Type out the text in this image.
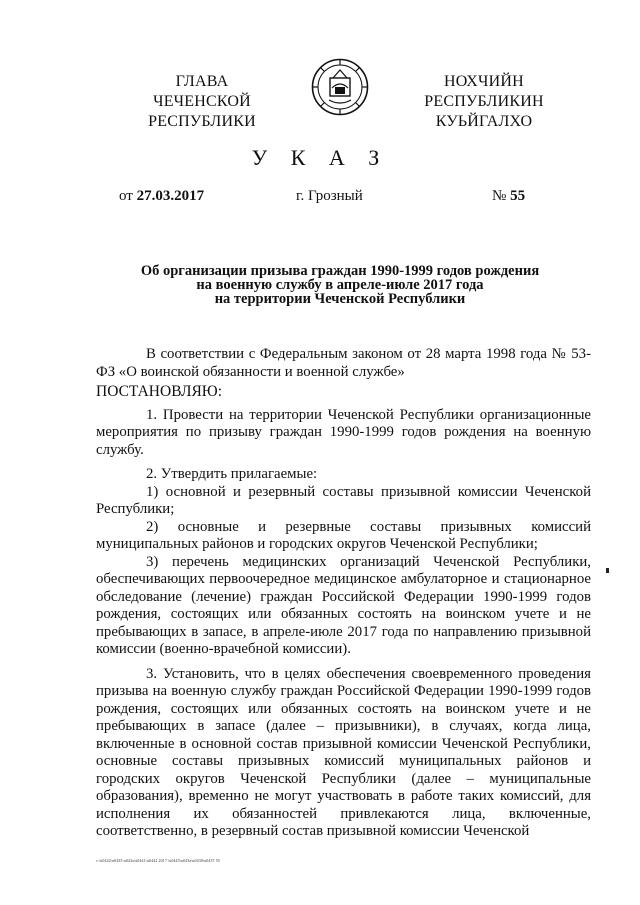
ГЛАВА
ЧЕЧЕНСКОЙ РЕСПУБЛИКИ
НОХЧИЙН РЕСПУБЛИКИН
КУЬЙГАЛХО
У К А З
от 27.03.2017	г. Грозный	№ 55
Об организации призыва граждан 1990-1999 годов рождения
на военную службу в апреле-июле 2017 года
на территории Чеченской Республики

В соответствии с Федеральным законом от 28 марта 1998 года № 53-ФЗ «О воинской обязанности и военной службе»

ПОСТАНОВЛЯЮ:

1. Провести на территории Чеченской Республики организационные мероприятия по призыву граждан 1990-1999 годов рождения на военную службу.

2. Утвердить прилагаемые:

1) основной и резервный составы призывной комиссии Чеченской Республики;

2) основные и резервные составы призывных комиссий муниципальных районов и городских округов Чеченской Республики;

3) перечень медицинских организаций Чеченской Республики, обеспечивающих первоочередное медицинское амбулаторное и стационарное обследование (лечение) граждан Российской Федерации 1990-1999 годов рождения, состоящих или обязанных состоять на воинском учете и не пребывающих в запасе, в апреле-июле 2017 года по направлению призывной комиссии (военно-врачебной комиссии).

3. Установить, что в целях обеспечения своевременного проведения призыва на военную службу граждан Российской Федерации 1990-1999 годов рождения, состоящих или обязанных состоять на воинском учете и не пребывающих в запасе (далее – призывники), в случаях, когда лица, включенные в основной состав призывной комиссии Чеченской Республики, основные составы призывных комиссий муниципальных районов и городских округов Чеченской Республики (далее – муниципальные образования), временно не могут участвовать в работе таких комиссий, для исполнения их обязанностей привлекаются лица, включенные, соответственно, в резервный состав призывной комиссии Чеченской

c:\u0442\u0435\u043a\u0441\u0442 2017 \u0443\u043a\u0430\u0437 55
